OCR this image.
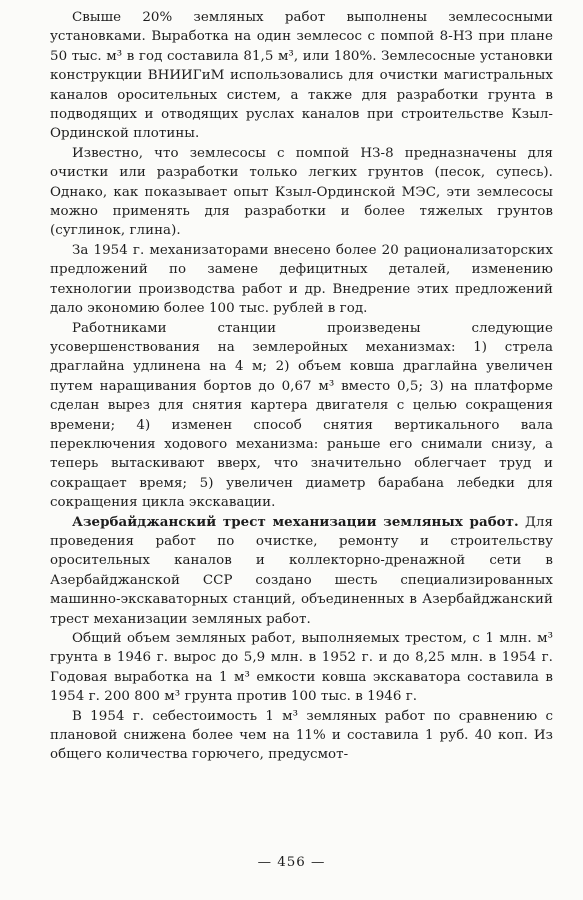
Свыше 20% земляных работ выполнены землесосными установками. Выработка на один землесос с помпой 8-НЗ при плане 50 тыс. м³ в год составила 81,5 м³, или 180%. Землесосные установки конструкции ВНИИГиМ использовались для очистки магистральных каналов оросительных систем, а также для разработки грунта в подводящих и отводящих руслах каналов при строительстве Кзыл-Ординской плотины.

Известно, что землесосы с помпой НЗ-8 предназначены для очистки или разработки только легких грунтов (песок, супесь). Однако, как показывает опыт Кзыл-Ординской МЭС, эти землесосы можно применять для разработки и более тяжелых грунтов (суглинок, глина).

За 1954 г. механизаторами внесено более 20 рационализаторских предложений по замене дефицитных деталей, изменению технологии производства работ и др. Внедрение этих предложений дало экономию более 100 тыс. рублей в год.

Работниками станции произведены следующие усовершенствования на землеройных механизмах: 1) стрела драглайна удлинена на 4 м; 2) объем ковша драглайна увеличен путем наращивания бортов до 0,67 м³ вместо 0,5; 3) на платформе сделан вырез для снятия картера двигателя с целью сокращения времени; 4) изменен способ снятия вертикального вала переключения ходового механизма: раньше его снимали снизу, а теперь вытаскивают вверх, что значительно облегчает труд и сокращает время; 5) увеличен диаметр барабана лебедки для сокращения цикла экскавации.

Азербайджанский трест механизации земляных работ. Для проведения работ по очистке, ремонту и строительству оросительных каналов и коллекторно-дренажной сети в Азербайджанской ССР создано шесть специализированных машинно-экскаваторных станций, объединенных в Азербайджанский трест механизации земляных работ.

Общий объем земляных работ, выполняемых трестом, с 1 млн. м³ грунта в 1946 г. вырос до 5,9 млн. в 1952 г. и до 8,25 млн. в 1954 г. Годовая выработка на 1 м³ емкости ковша экскаватора составила в 1954 г. 200 800 м³ грунта против 100 тыс. в 1946 г.

В 1954 г. себестоимость 1 м³ земляных работ по сравнению с плановой снижена более чем на 11% и составила 1 руб. 40 коп. Из общего количества горючего, предусмот-

— 456 —
